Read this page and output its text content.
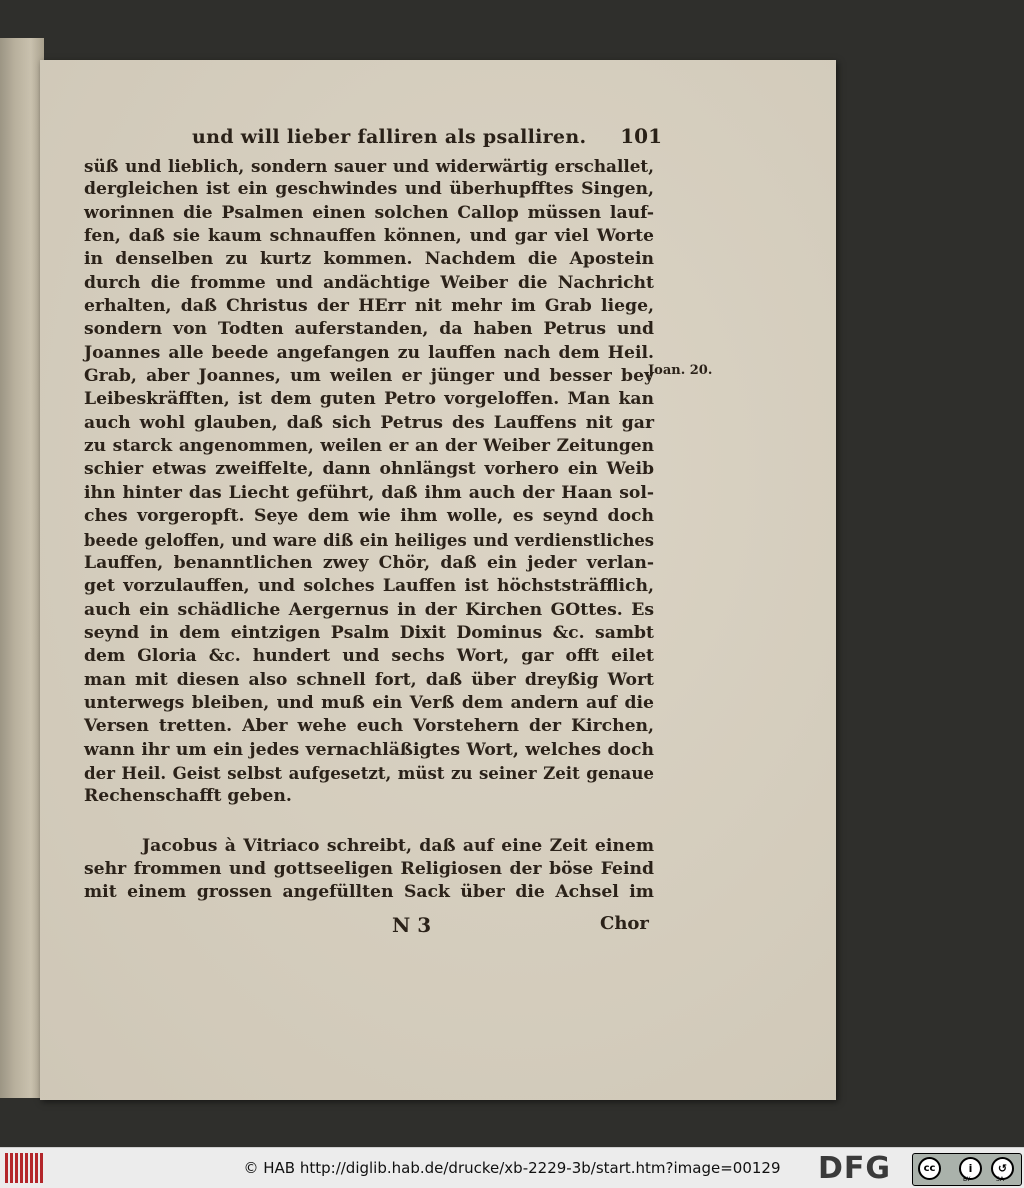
und will lieber falliren als psalliren. 101
süß und lieblich, sondern sauer und widerwärtig erschallet,
dergleichen ist ein geschwindes und überhupfftes Singen,
worinnen die Psalmen einen solchen Callop müssen lauf-
fen, daß sie kaum schnauffen können, und gar viel Worte
in denselben zu kurtz kommen. Nachdem die Apostein
durch die fromme und andächtige Weiber die Nachricht
erhalten, daß Christus der HErr nit mehr im Grab liege,
sondern von Todten auferstanden, da haben Petrus und
Joannes alle beede angefangen zu lauffen nach dem Heil.
Grab, aber Joannes, um weilen er jünger und besser bey
Leibeskräfften, ist dem guten Petro vorgeloffen. Man kan
auch wohl glauben, daß sich Petrus des Lauffens nit gar
zu starck angenommen, weilen er an der Weiber Zeitungen
schier etwas zweiffelte, dann ohnlängst vorhero ein Weib
ihn hinter das Liecht geführt, daß ihm auch der Haan sol-
ches vorgeropft. Seye dem wie ihm wolle, es seynd doch
beede geloffen, und ware diß ein heiliges und verdienstliches
Lauffen, benanntlichen zwey Chör, daß ein jeder verlan-
get vorzulauffen, und solches Lauffen ist höchststräfflich,
auch ein schädliche Aergernus in der Kirchen GOttes. Es
seynd in dem eintzigen Psalm Dixit Dominus &c. sambt
dem Gloria &c. hundert und sechs Wort, gar offt eilet
man mit diesen also schnell fort, daß über dreyßig Wort
unterwegs bleiben, und muß ein Verß dem andern auf die
Versen tretten. Aber wehe euch Vorstehern der Kirchen,
wann ihr um ein jedes vernachläßigtes Wort, welches doch
der Heil. Geist selbst aufgesetzt, müst zu seiner Zeit genaue
Rechenschafft geben.
Jacobus à Vitriaco schreibt, daß auf eine Zeit einem
sehr frommen und gottseeligen Religiosen der böse Feind
mit einem grossen angefüllten Sack über die Achsel im
Joan. 20.
N 3	Chor
© HAB http://diglib.hab.de/drucke/xb-2229-3b/start.htm?image=00129	DFG	cc	i	↺
BY	SA
